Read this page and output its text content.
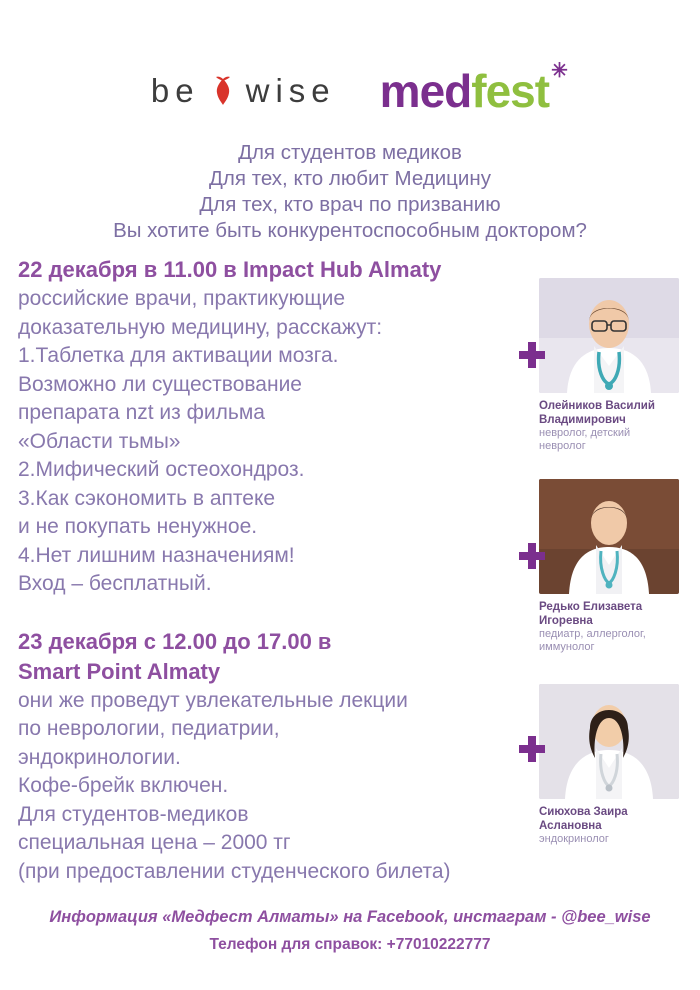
be wise medfest ✳
Для студентов медиков
Для тех, кто любит Медицину
Для тех, кто врач по призванию
Вы хотите быть конкурентоспособным доктором?
22 декабря в 11.00 в Impact Hub Almaty
российские врачи, практикующие
доказательную медицину, расскажут:
1.Таблетка для активации мозга.
Возможно ли существование
препарата nzt из фильма
«Области тьмы»
2.Мифический остеохондроз.
3.Как сэкономить в аптеке
и не покупать ненужное.
4.Нет лишним назначениям!
Вход – бесплатный.
23 декабря с 12.00 до 17.00 в
Smart Point Almaty
они же проведут увлекательные лекции
по неврологии, педиатрии,
эндокринологии.
Кофе-брейк включен.
Для студентов-медиков
специальная цена – 2000 тг
(при предоставлении студенческого билета)
Олейников Василий Владимирович
невролог, детский невролог
Редько Елизавета Игоревна
педиатр, аллерголог, иммунолог
Сиюхова Заира Аслановна
эндокринолог
Информация «Медфест Алматы» на Facebook, инстаграм - @bee_wise
Телефон для справок: +77010222777
